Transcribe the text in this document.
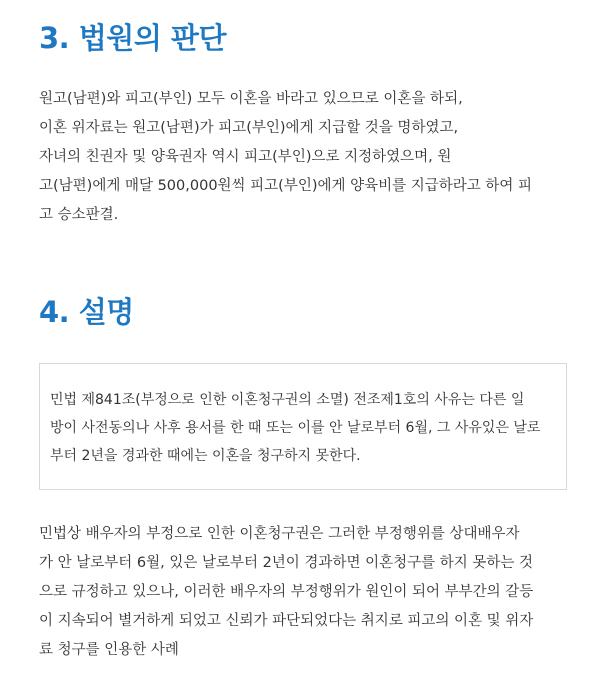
3. 법원의 판단

원고(남편)와 피고(부인) 모두 이혼을 바라고 있으므로 이혼을 하되,
이혼 위자료는 원고(남편)가 피고(부인)에게 지급할 것을 명하였고,
자녀의 친권자 및 양육권자 역시 피고(부인)으로 지정하였으며, 원
고(남편)에게 매달 500,000원씩 피고(부인)에게 양육비를 지급하라고 하여 피
고 승소판결.

4. 설명

민법 제841조(부정으로 인한 이혼청구권의 소멸) 전조제1호의 사유는 다른 일
방이 사전동의나 사후 용서를 한 때 또는 이를 안 날로부터 6월, 그 사유있은 날로
부터 2년을 경과한 때에는 이혼을 청구하지 못한다.

민법상 배우자의 부정으로 인한 이혼청구권은 그러한 부정행위를 상대배우자
가 안 날로부터 6월, 있은 날로부터 2년이 경과하면 이혼청구를 하지 못하는 것
으로 규정하고 있으나, 이러한 배우자의 부정행위가 원인이 되어 부부간의 갈등
이 지속되어 별거하게 되었고 신뢰가 파단되었다는 취지로 피고의 이혼 및 위자
료 청구를 인용한 사례
